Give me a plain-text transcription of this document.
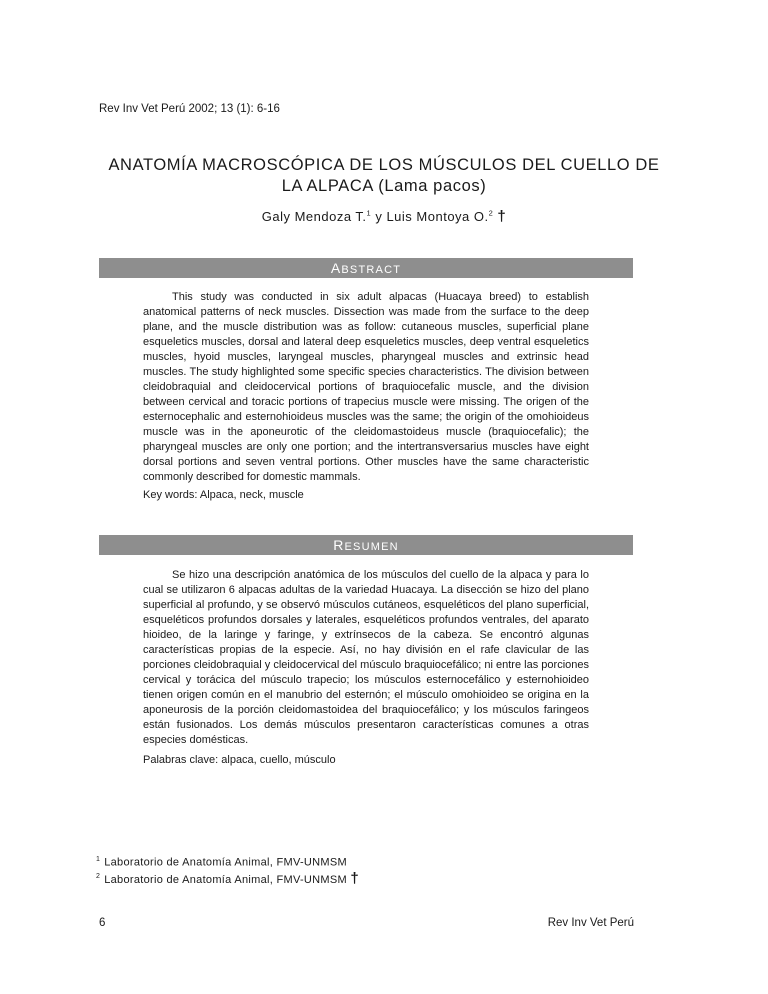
Rev Inv Vet Perú 2002; 13 (1): 6-16
ANATOMÍA MACROSCÓPICA DE LOS MÚSCULOS DEL CUELLO DE
LA ALPACA (Lama pacos)
Galy Mendoza T.$^1$ y Luis Montoya O.$^2$ †
ABSTRACT

This study was conducted in six adult alpacas (Huacaya breed) to establish anatomical patterns of neck muscles. Dissection was made from the surface to the deep plane, and the muscle distribution was as follow: cutaneous muscles, superficial plane esqueletics muscles, dorsal and lateral deep esqueletics muscles, deep ventral esqueletics muscles, hyoid muscles, laryngeal muscles, pharyngeal muscles and extrinsic head muscles. The study highlighted some specific species characteristics. The division between cleidobraquial and cleidocervical portions of braquiocefalic muscle, and the division between cervical and toracic portions of trapecius muscle were missing. The origen of the esternocephalic and esternohioideus muscles was the same; the origin of the omohioideus muscle was in the aponeurotic of the cleidomastoideus muscle (braquiocefalic); the pharyngeal muscles are only one portion; and the intertransversarius muscles have eight dorsal portions and seven ventral portions. Other muscles have the same characteristic commonly described for domestic mammals.

Key words: Alpaca, neck, muscle
RESUMEN

Se hizo una descripción anatómica de los músculos del cuello de la alpaca y para lo cual se utilizaron 6 alpacas adultas de la variedad Huacaya. La disección se hizo del plano superficial al profundo, y se observó músculos cutáneos, esqueléticos del plano superficial, esqueléticos profundos dorsales y laterales, esqueléticos profundos ventrales, del aparato hioideo, de la laringe y faringe, y extrínsecos de la cabeza. Se encontró algunas características propias de la especie. Así, no hay división en el rafe clavicular de las porciones cleidobraquial y cleidocervical del músculo braquiocefálico; ni entre las porciones cervical y torácica del músculo trapecio; los músculos esternocefálico y esternohioideo tienen origen común en el manubrio del esternón; el músculo omohioideo se origina en la aponeurosis de la porción cleidomastoidea del braquiocefálico; y los músculos faringeos están fusionados. Los demás músculos presentaron características comunes a otras especies domésticas.

Palabras clave: alpaca, cuello, músculo
$^1$ Laboratorio de Anatomía Animal, FMV-UNMSM
$^2$ Laboratorio de Anatomía Animal, FMV-UNMSM †
6	Rev Inv Vet Perú
